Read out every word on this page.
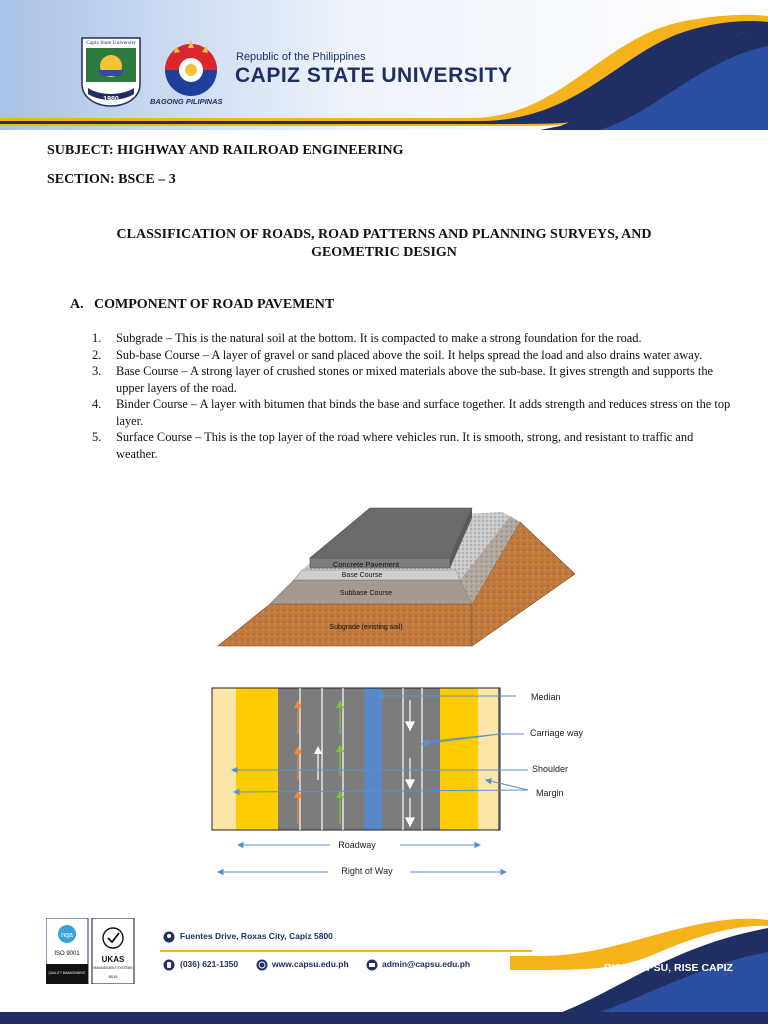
Capiz State University
1980	BAGONG PILIPINAS
Republic of the Philippines
CAPIZ STATE UNIVERSITY
SUBJECT: HIGHWAY AND RAILROAD ENGINEERING
SECTION: BSCE – 3
CLASSIFICATION OF ROADS, ROAD PATTERNS AND PLANNING SURVEYS, AND
GEOMETRIC DESIGN
A. COMPONENT OF ROAD PAVEMENT
1. Subgrade – This is the natural soil at the bottom. It is compacted to make a strong foundation for the road.
2. Sub-base Course – A layer of gravel or sand placed above the soil. It helps spread the load and also drains water away.
3. Base Course – A strong layer of crushed stones or mixed materials above the sub-base. It gives strength and supports the upper layers of the road.
4. Binder Course – A layer with bitumen that binds the base and surface together. It adds strength and reduces stress on the top layer.
5. Surface Course – This is the top layer of the road where vehicles run. It is smooth, strong, and resistant to traffic and weather.
Concrete Pavement
Base Course
Subbase Course
Subgrade (existing soil)
Median
Carriage way
Shoulder
Margin
Roadway
Right of Way
nqa
ISO 9001
QUALITY MANAGEMENT
UKAS
MANAGEMENT SYSTEMS
8015
Fuentes Drive, Roxas City, Capiz 5800
(036) 621-1350	www.capsu.edu.ph	admin@capsu.edu.ph	RISE CAPSU, RISE CAPIZ
